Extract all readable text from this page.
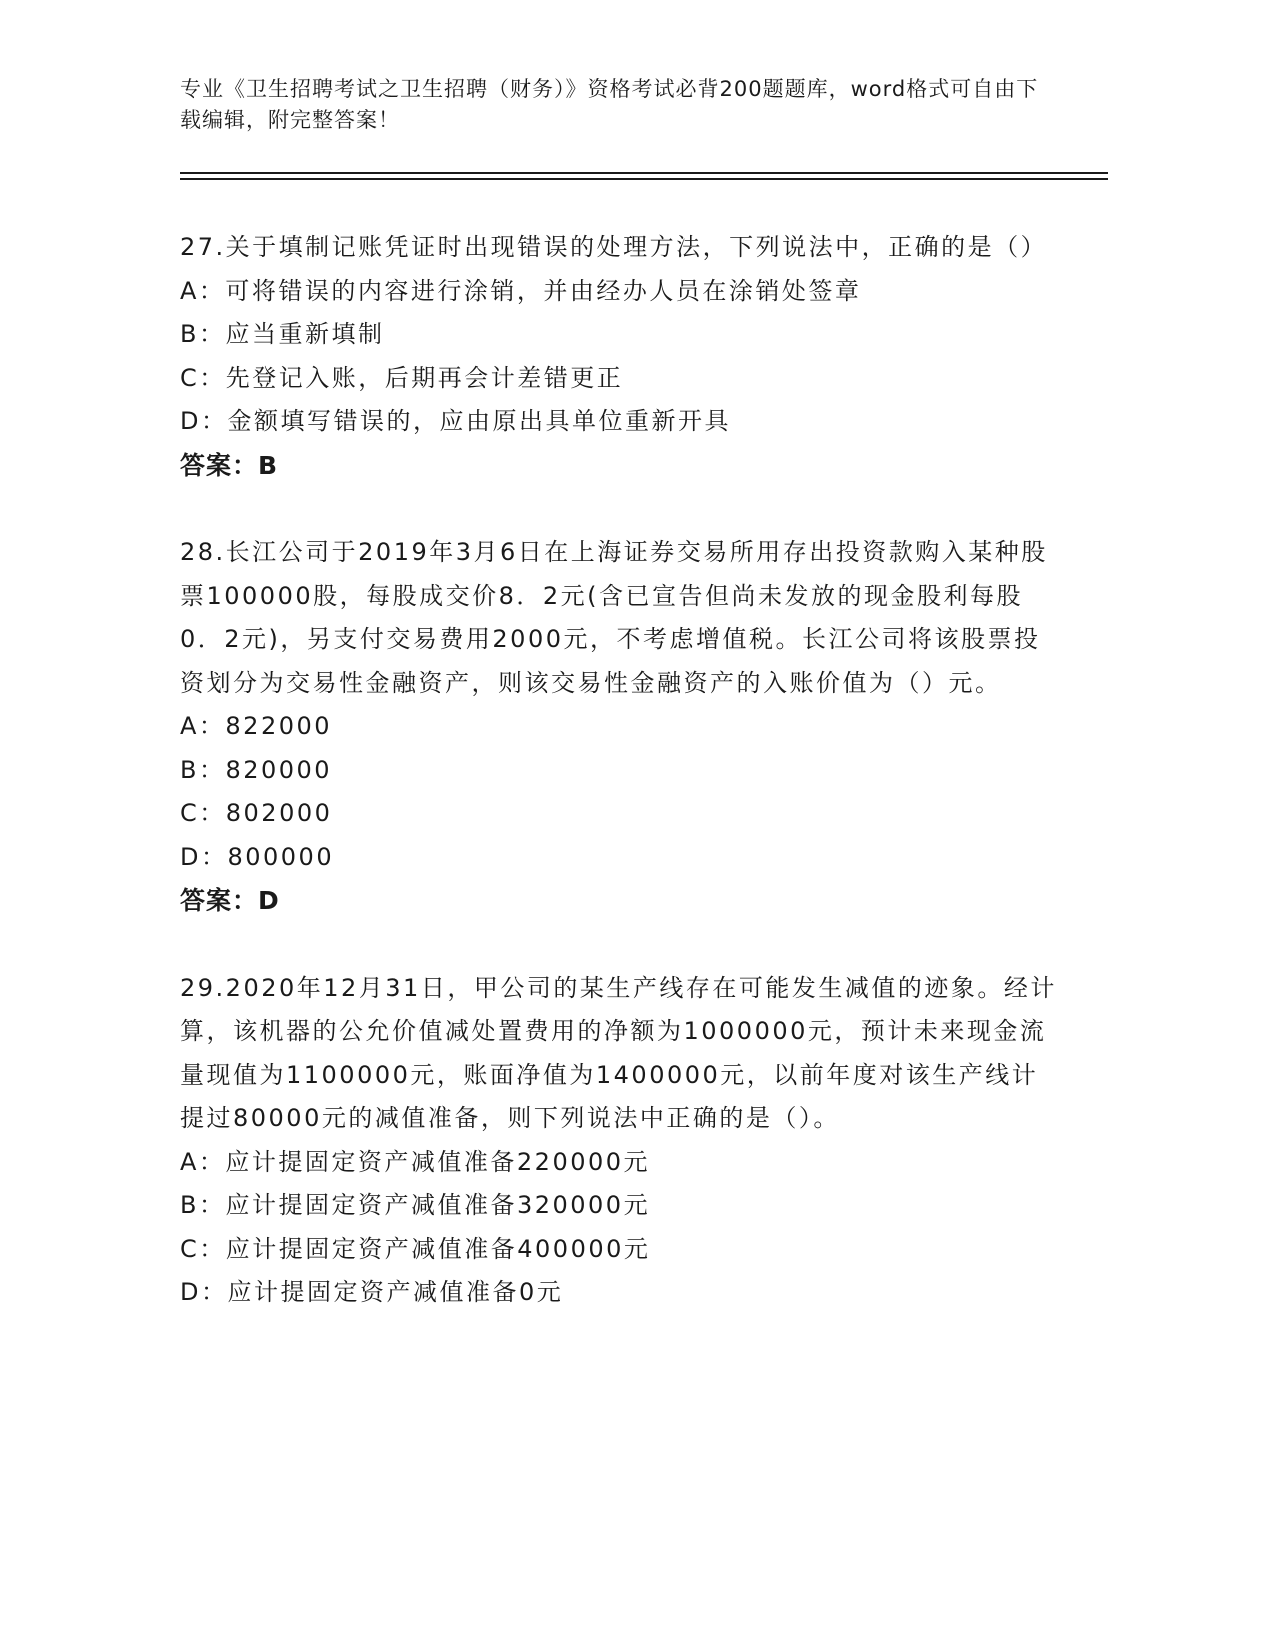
专业《卫生招聘考试之卫生招聘（财务）》资格考试必背200题题库，word格式可自由下载编辑，附完整答案！

27.关于填制记账凭证时出现错误的处理方法，下列说法中，正确的是（）

A：可将错误的内容进行涂销，并由经办人员在涂销处签章

B：应当重新填制

C：先登记入账，后期再会计差错更正

D：金额填写错误的，应由原出具单位重新开具

答案：B

28.长江公司于2019年3月6日在上海证券交易所用存出投资款购入某种股票100000股，每股成交价8．2元(含已宣告但尚未发放的现金股利每股0．2元)，另支付交易费用2000元，不考虑增值税。长江公司将该股票投资划分为交易性金融资产，则该交易性金融资产的入账价值为（）元。

A：822000

B：820000

C：802000

D：800000

答案：D

29.2020年12月31日，甲公司的某生产线存在可能发生减值的迹象。经计算，该机器的公允价值减处置费用的净额为1000000元，预计未来现金流量现值为1100000元，账面净值为1400000元，以前年度对该生产线计提过80000元的减值准备，则下列说法中正确的是（）。

A：应计提固定资产减值准备220000元

B：应计提固定资产减值准备320000元

C：应计提固定资产减值准备400000元

D：应计提固定资产减值准备0元
